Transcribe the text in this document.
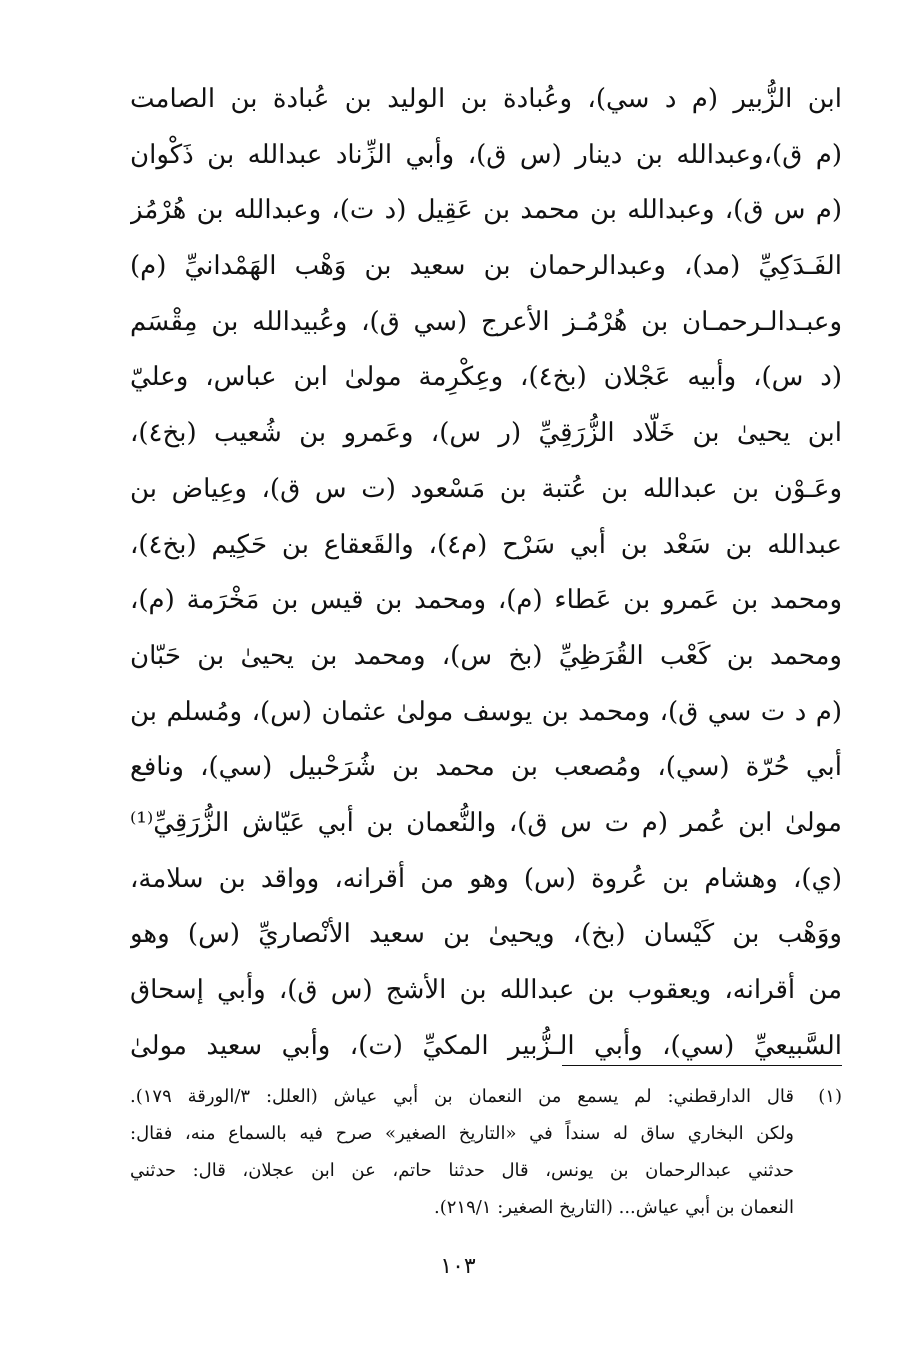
ابن الزُّبير (م د سي)، وعُبادة بن الوليد بن عُبادة بن الصامت
(م ق)،وعبدالله بن دينار (س ق)، وأبي الزِّناد عبدالله بن ذَكْوان
(م س ق)، وعبدالله بن محمد بن عَقِيل (د ت)، وعبدالله بن هُرْمُز
الفَـدَكِيِّ (مد)، وعبدالرحمان بن سعيد بن وَهْب الهَمْدانيِّ (م)
وعبـدالـرحمـان بن هُرْمُـز الأعرج (سي ق)، وعُبيدالله بن مِقْسَم
(د س)، وأبيه عَجْلان (بخ٤)، وعِكْرِمة مولىٰ ابن عباس، وعليّ
ابن يحيىٰ بن خَلّاد الزُّرَقِيِّ (ر س)، وعَمرو بن شُعيب (بخ٤)،
وعَـوْن بن عبدالله بن عُتبة بن مَسْعود (ت س ق)، وعِياض بن
عبدالله بن سَعْد بن أبي سَرْح (م٤)، والقَعقاع بن حَكِيم (بخ٤)،
ومحمد بن عَمرو بن عَطاء (م)، ومحمد بن قيس بن مَخْرَمة (م)،
ومحمد بن كَعْب القُرَظِيِّ (بخ س)، ومحمد بن يحيىٰ بن حَبّان
(م د ت سي ق)، ومحمد بن يوسف مولىٰ عثمان (س)، ومُسلم بن
أبي حُرّة (سي)، ومُصعب بن محمد بن شُرَحْبيل (سي)، ونافع
مولىٰ ابن عُمر (م ت س ق)، والنُّعمان بن أبي عَيّاش الزُّرَقِيِّ⁽¹⁾
(ي)، وهشام بن عُروة (س) وهو من أقرانه، وواقد بن سلامة،
ووَهْب بن كَيْسان (بخ)، ويحيىٰ بن سعيد الأنْصاريِّ (س) وهو
من أقرانه، ويعقوب بن عبدالله بن الأشج (س ق)، وأبي إسحاق
السَّبيعيِّ (سي)، وأبي الـزُّبير المكيِّ (ت)، وأبي سعيد مولىٰ
(١)
قال الدارقطني: لم يسمع من النعمان بن أبي عياش (العلل: ٣/الورقة ١٧٩).
ولكن البخاري ساق له سنداً في «التاريخ الصغير» صرح فيه بالسماع منه، فقال:
حدثني عبدالرحمان بن يونس، قال حدثنا حاتم، عن ابن عجلان، قال: حدثني
النعمان بن أبي عياش... (التاريخ الصغير: ٢١٩/١).
١٠٣
